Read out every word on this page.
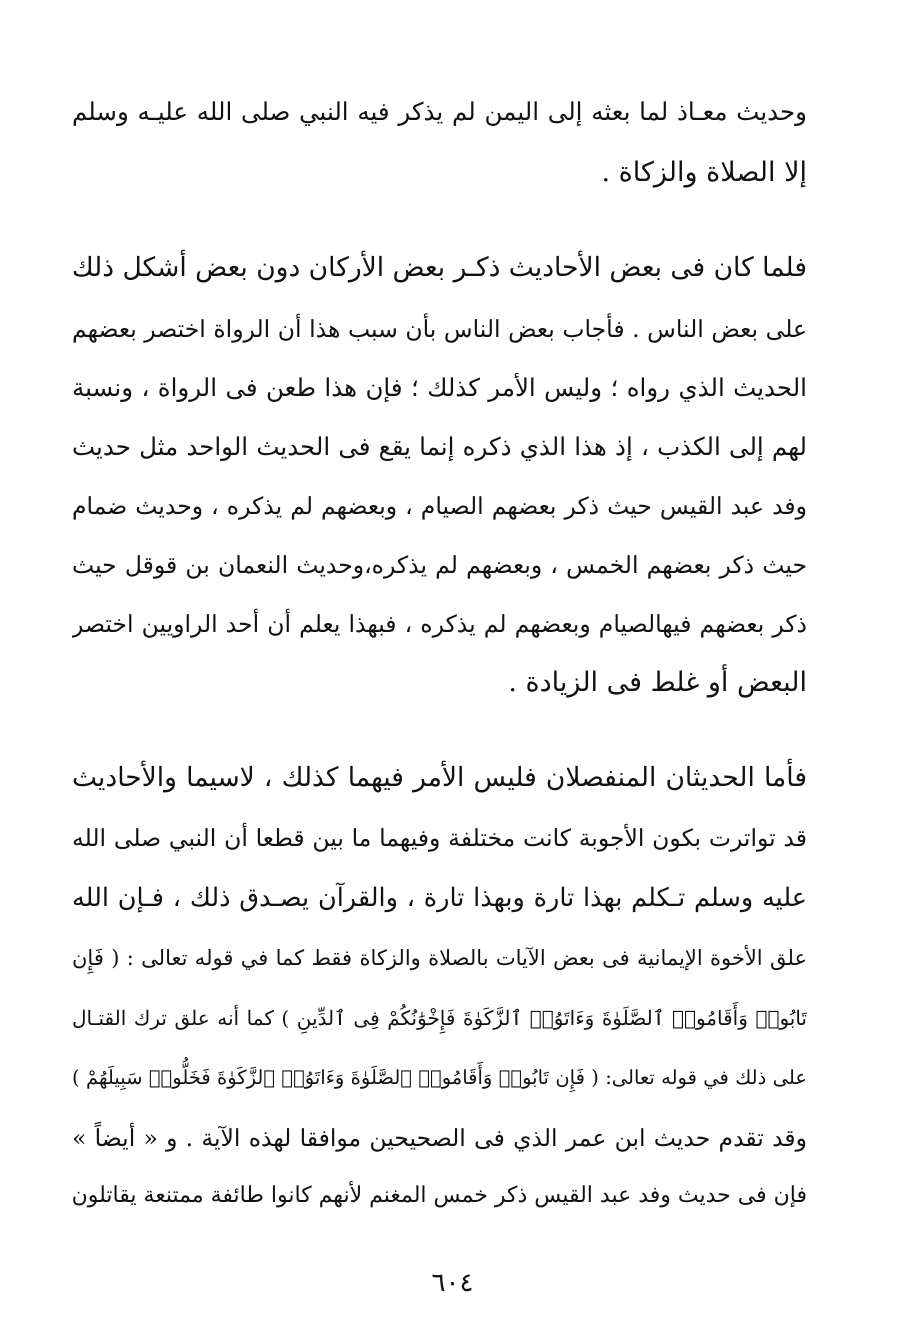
وحديث معـاذ لما بعثه إلى اليمن لم يذكر فيه النبي صلى الله عليـه وسلم
إلا الصلاة والزكاة .
فلما كان فى بعض الأحاديث ذكـر بعض الأركان دون بعض أشكل ذلك
على بعض الناس . فأجاب بعض الناس بأن سبب هذا أن الرواة اختصر بعضهم
الحديث الذي رواه ؛ وليس الأمر كذلك ؛ فإن هذا طعن فى الرواة ، ونسبة
لهم إلى الكذب ، إذ هذا الذي ذكره إنما يقع فى الحديث الواحد مثل حديث
وفد عبد القيس حيث ذكر بعضهم الصيام ، وبعضهم لم يذكره ، وحديث ضمام
حيث ذكر بعضهم الخمس ، وبعضهم لم يذكره،وحديث النعمان بن قوقل حيث
ذكر بعضهم فيهالصيام وبعضهم لم يذكره ، فبهذا يعلم أن أحد الراويين اختصر
البعض أو غلط فى الزيادة .
فأما الحديثان المنفصلان فليس الأمر فيهما كذلك ، لاسيما والأحاديث
قد تواترت بكون الأجوبة كانت مختلفة وفيهما ما بين قطعا أن النبي صلى الله
عليه وسلم تـكلم بهذا تارة وبهذا تارة ، والقرآن يصـدق ذلك ، فـإن الله
علق الأخوة الإيمانية فى بعض الآيات بالصلاة والزكاة فقط كما في قوله تعالى : ( فَإِن
تَابُوا۟ وَأَقَامُوا۟ ٱلصَّلَوٰةَ وَءَاتَوُا۟ ٱلزَّكَوٰةَ فَإِخْوَٰنُكُمْ فِى ٱلدِّينِ ) كما أنه علق ترك القتـال
على ذلك في قوله تعالى: ( فَإِن تَابُوا۟ وَأَقَامُوا۟ ٱلصَّلَوٰةَ وَءَاتَوُا۟ ٱلزَّكَوٰةَ فَخَلُّوا۟ سَبِيلَهُمْ )
وقد تقدم حديث ابن عمر الذي فى الصحيحين موافقا لهذه الآية . و « أيضاً »
فإن فى حديث وفد عبد القيس ذكر خمس المغنم لأنهم كانوا طائفة ممتنعة يقاتلون
٦٠٤
